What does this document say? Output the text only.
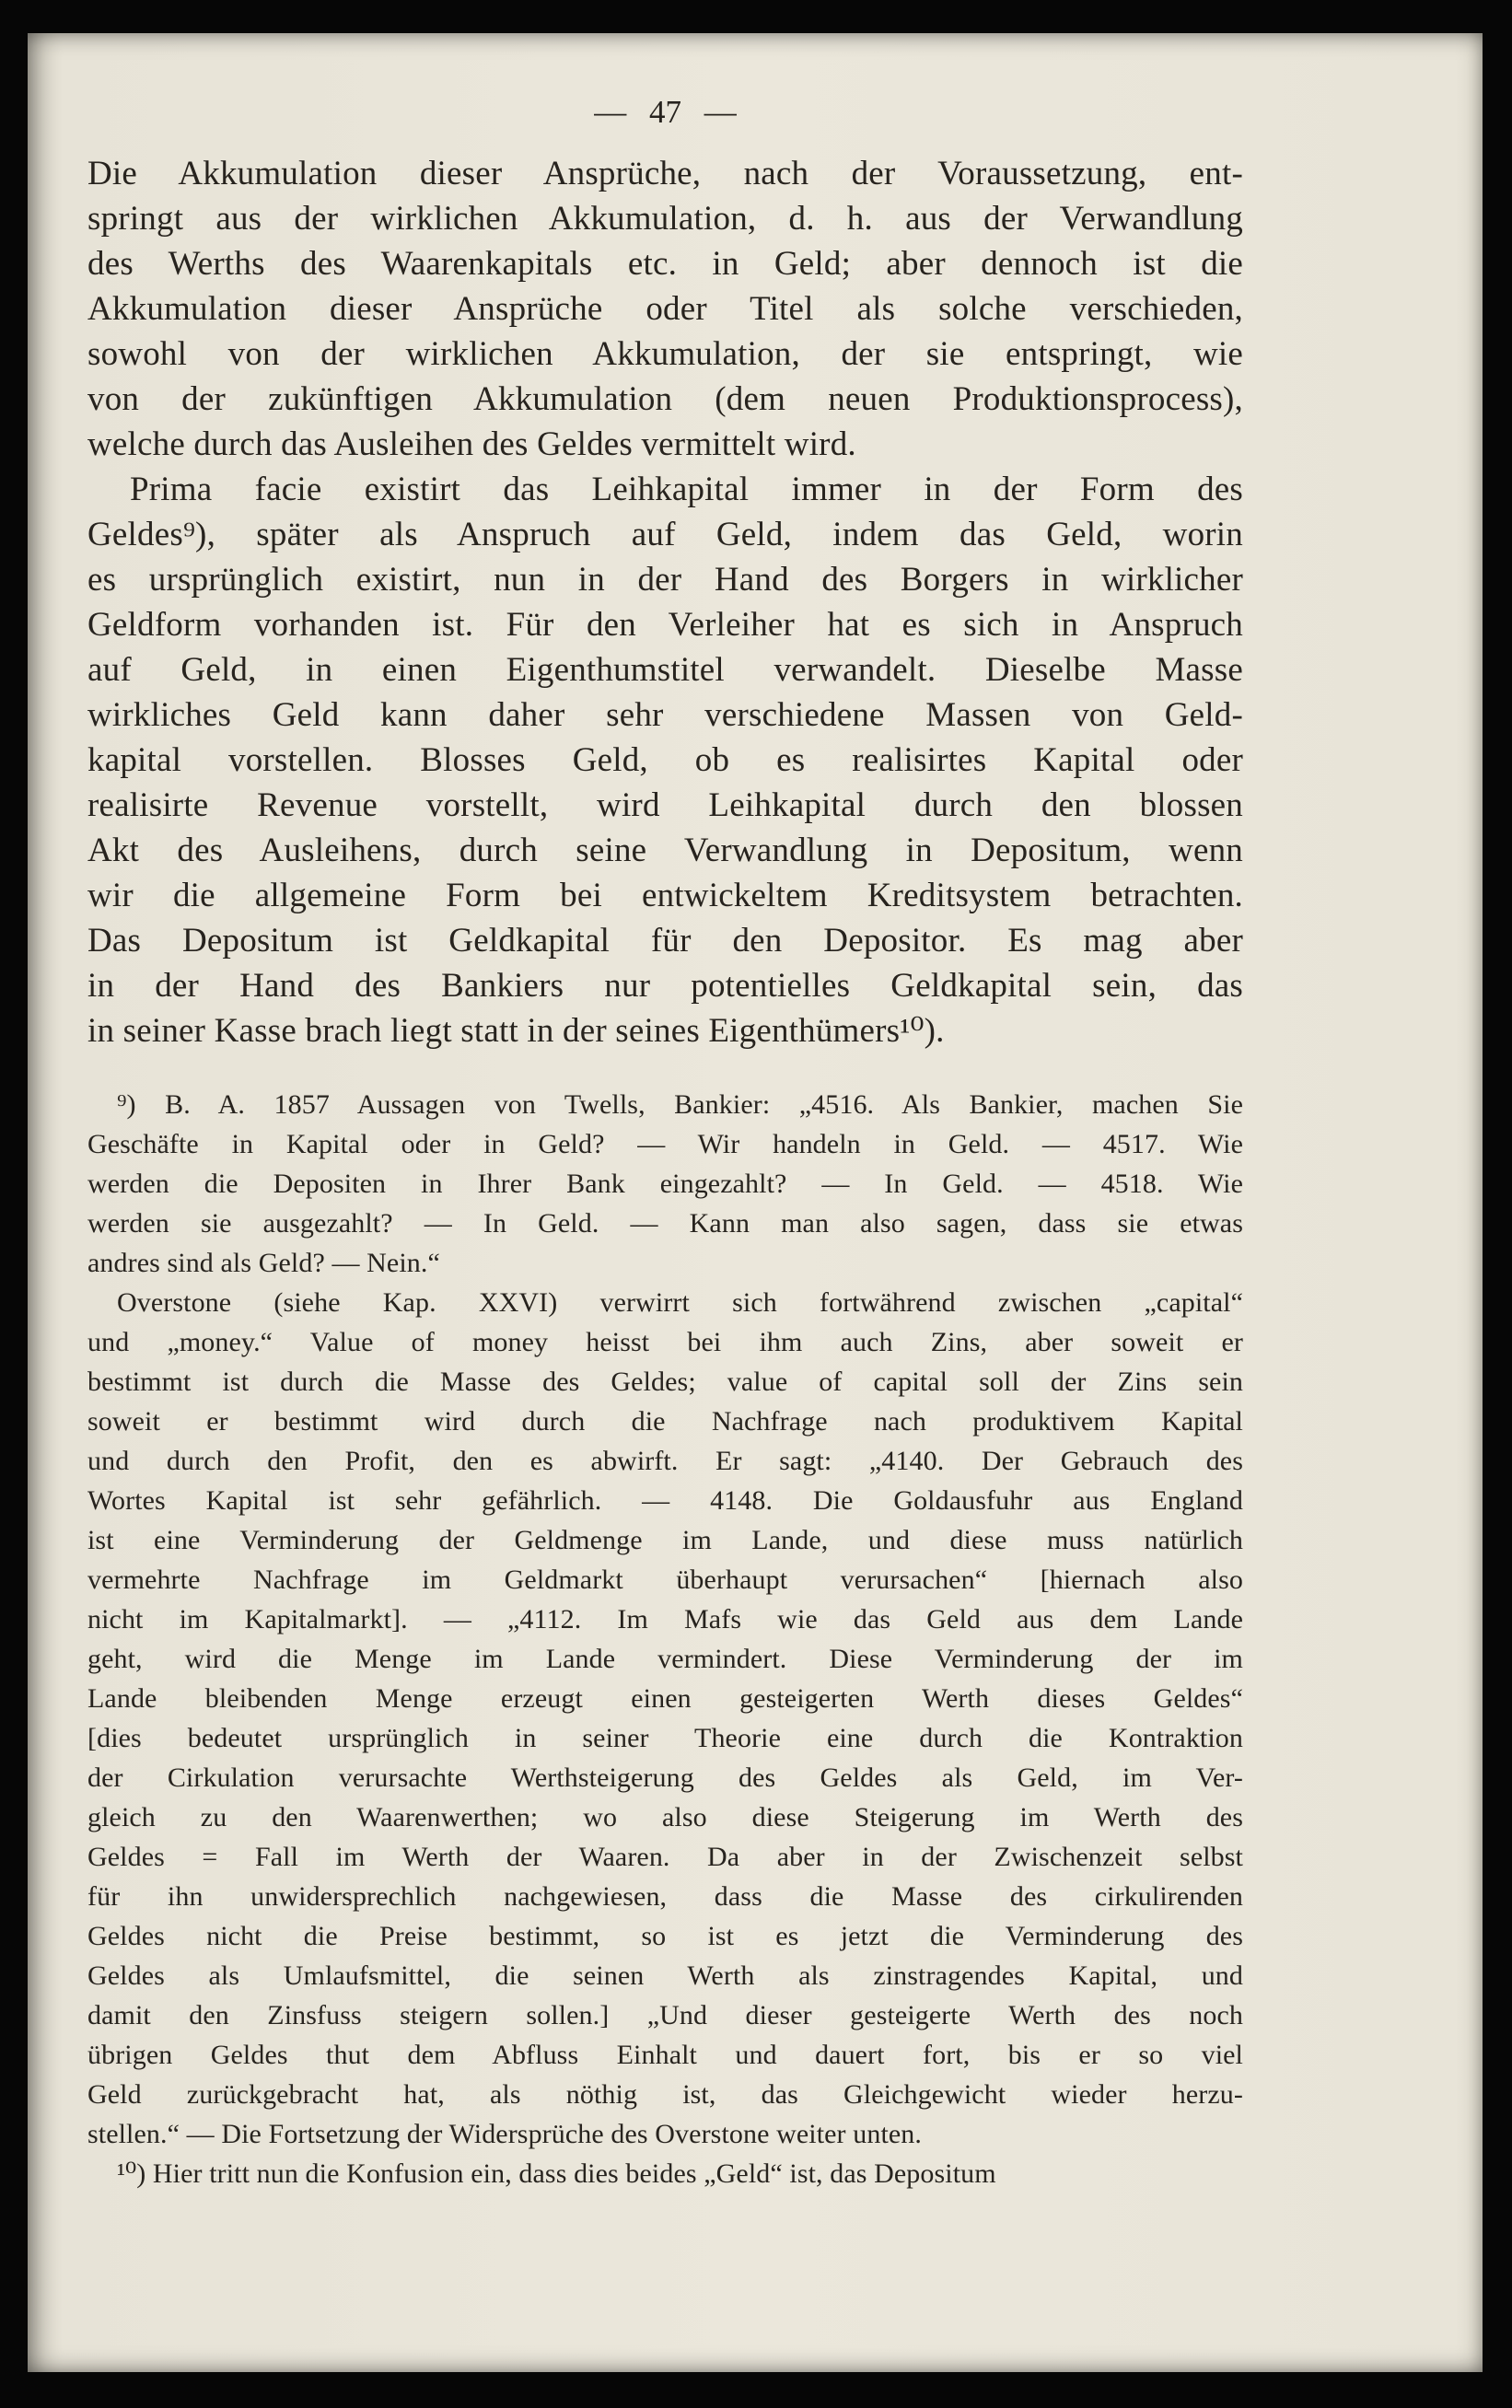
— 47 —
Die Akkumulation dieser Ansprüche, nach der Voraussetzung, ent-
springt aus der wirklichen Akkumulation, d. h. aus der Verwandlung
des Werths des Waarenkapitals etc. in Geld; aber dennoch ist die
Akkumulation dieser Ansprüche oder Titel als solche verschieden,
sowohl von der wirklichen Akkumulation, der sie entspringt, wie
von der zukünftigen Akkumulation (dem neuen Produktionsprocess),
welche durch das Ausleihen des Geldes vermittelt wird.
Prima facie existirt das Leihkapital immer in der Form des
Geldes⁹), später als Anspruch auf Geld, indem das Geld, worin
es ursprünglich existirt, nun in der Hand des Borgers in wirklicher
Geldform vorhanden ist. Für den Verleiher hat es sich in Anspruch
auf Geld, in einen Eigenthumstitel verwandelt. Dieselbe Masse
wirkliches Geld kann daher sehr verschiedene Massen von Geld-
kapital vorstellen. Blosses Geld, ob es realisirtes Kapital oder
realisirte Revenue vorstellt, wird Leihkapital durch den blossen
Akt des Ausleihens, durch seine Verwandlung in Depositum, wenn
wir die allgemeine Form bei entwickeltem Kreditsystem betrachten.
Das Depositum ist Geldkapital für den Depositor. Es mag aber
in der Hand des Bankiers nur potentielles Geldkapital sein, das
in seiner Kasse brach liegt statt in der seines Eigenthümers¹⁰).
⁹) B. A. 1857 Aussagen von Twells, Bankier: „4516. Als Bankier, machen Sie
Geschäfte in Kapital oder in Geld? — Wir handeln in Geld. — 4517. Wie
werden die Depositen in Ihrer Bank eingezahlt? — In Geld. — 4518. Wie
werden sie ausgezahlt? — In Geld. — Kann man also sagen, dass sie etwas
andres sind als Geld? — Nein.“
Overstone (siehe Kap. XXVI) verwirrt sich fortwährend zwischen „capital“
und „money.“ Value of money heisst bei ihm auch Zins, aber soweit er
bestimmt ist durch die Masse des Geldes; value of capital soll der Zins sein
soweit er bestimmt wird durch die Nachfrage nach produktivem Kapital
und durch den Profit, den es abwirft. Er sagt: „4140. Der Gebrauch des
Wortes Kapital ist sehr gefährlich. — 4148. Die Goldausfuhr aus England
ist eine Verminderung der Geldmenge im Lande, und diese muss natürlich
vermehrte Nachfrage im Geldmarkt überhaupt verursachen“ [hiernach also
nicht im Kapitalmarkt]. — „4112. Im Mafs wie das Geld aus dem Lande
geht, wird die Menge im Lande vermindert. Diese Verminderung der im
Lande bleibenden Menge erzeugt einen gesteigerten Werth dieses Geldes“
[dies bedeutet ursprünglich in seiner Theorie eine durch die Kontraktion
der Cirkulation verursachte Werthsteigerung des Geldes als Geld, im Ver-
gleich zu den Waarenwerthen; wo also diese Steigerung im Werth des
Geldes = Fall im Werth der Waaren. Da aber in der Zwischenzeit selbst
für ihn unwidersprechlich nachgewiesen, dass die Masse des cirkulirenden
Geldes nicht die Preise bestimmt, so ist es jetzt die Verminderung des
Geldes als Umlaufsmittel, die seinen Werth als zinstragendes Kapital, und
damit den Zinsfuss steigern sollen.] „Und dieser gesteigerte Werth des noch
übrigen Geldes thut dem Abfluss Einhalt und dauert fort, bis er so viel
Geld zurückgebracht hat, als nöthig ist, das Gleichgewicht wieder herzu-
stellen.“ — Die Fortsetzung der Widersprüche des Overstone weiter unten.
¹⁰) Hier tritt nun die Konfusion ein, dass dies beides „Geld“ ist, das Depositum
